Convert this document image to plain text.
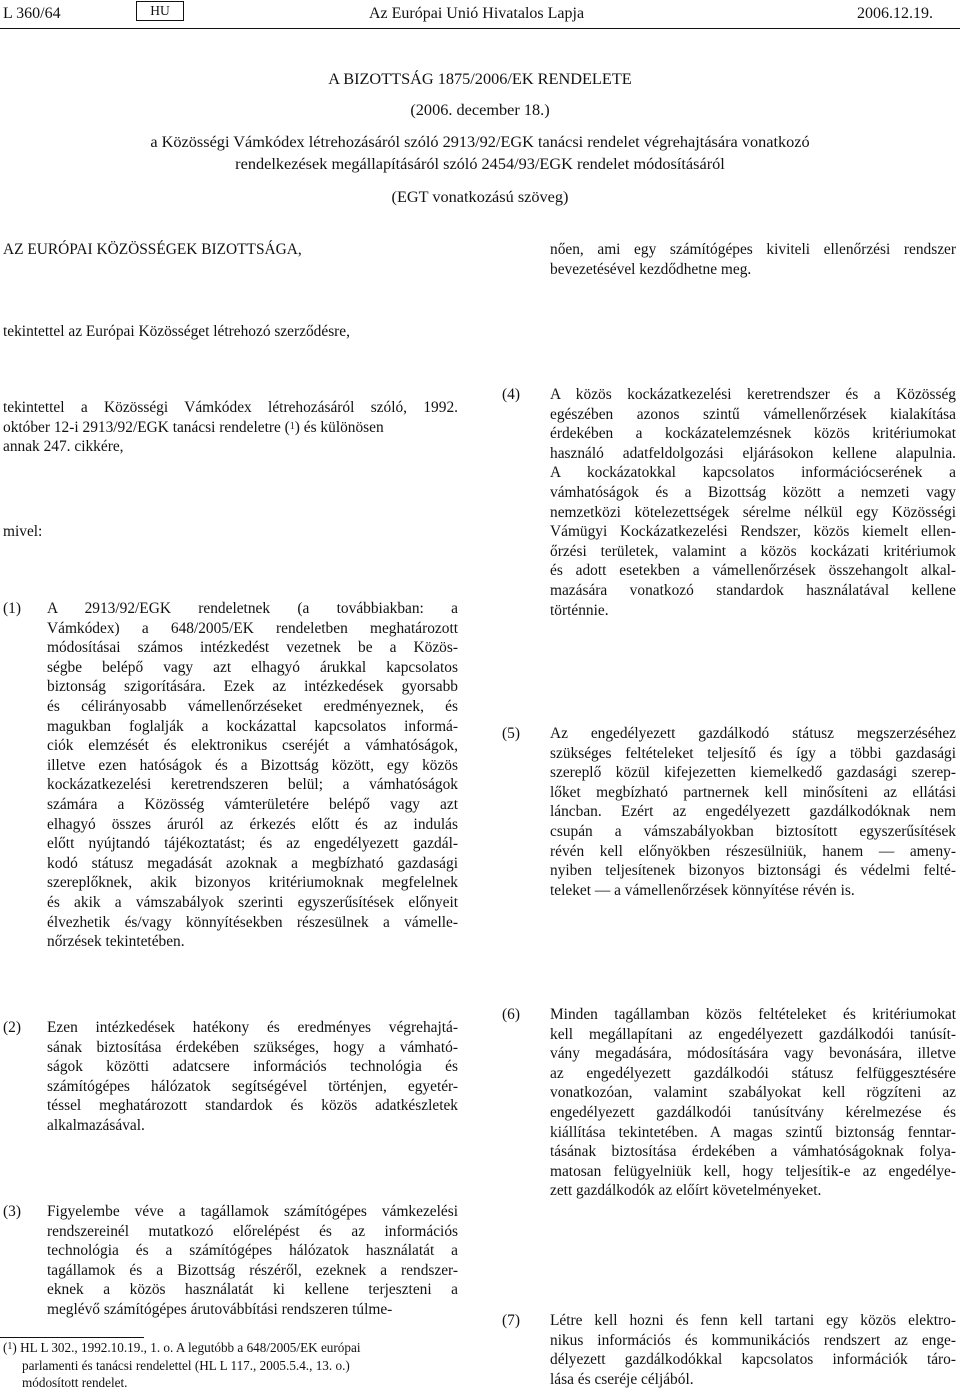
L 360/64	HU	Az Európai Unió Hivatalos Lapja	2006.12.19.
A BIZOTTSÁG 1875/2006/EK RENDELETE
(2006. december 18.)
a Közösségi Vámkódex létrehozásáról szóló 2913/92/EGK tanácsi rendelet végrehajtására vonatkozó
rendelkezések megállapításáról szóló 2454/93/EGK rendelet módosításáról
(EGT vonatkozású szöveg)
AZ EURÓPAI KÖZÖSSÉGEK BIZOTTSÁGA,
tekintettel az Európai Közösséget létrehozó szerződésre,
tekintettel a Közösségi Vámkódex létrehozásáról szóló, 1992.
október 12-i 2913/92/EGK tanácsi rendeletre ($^1$) és különösen
annak 247. cikkére,
mivel:
(1)	A 2913/92/EGK rendeletnek (a továbbiakban: a
Vámkódex) a 648/2005/EK rendeletben meghatározott
módosításai számos intézkedést vezetnek be a Közös-
ségbe belépő vagy azt elhagyó árukkal kapcsolatos
biztonság szigorítására. Ezek az intézkedések gyorsabb
és célirányosabb vámellenőrzéseket eredményeznek, és
magukban foglalják a kockázattal kapcsolatos informá-
ciók elemzését és elektronikus cseréjét a vámhatóságok,
illetve ezen hatóságok és a Bizottság között, egy közös
kockázatkezelési keretrendszeren belül; a vámhatóságok
számára a Közösség vámterületére belépő vagy azt
elhagyó összes áruról az érkezés előtt és az indulás
előtt nyújtandó tájékoztatást; és az engedélyezett gazdál-
kodó státusz megadását azoknak a megbízható gazdasági
szereplőknek, akik bizonyos kritériumoknak megfelelnek
és akik a vámszabályok szerinti egyszerűsítések előnyeit
élvezhetik és/vagy könnyítésekben részesülnek a vámelle-
nőrzések tekintetében.
(2)	Ezen intézkedések hatékony és eredményes végrehajtá-
sának biztosítása érdekében szükséges, hogy a vámható-
ságok közötti adatcsere információs technológia és
számítógépes hálózatok segítségével történjen, egyetér-
téssel meghatározott standardok és közös adatkészletek
alkalmazásával.
(3)	Figyelembe véve a tagállamok számítógépes vámkezelési
rendszereinél mutatkozó előrelépést és az információs
technológia és a számítógépes hálózatok használatát a
tagállamok és a Bizottság részéről, ezeknek a rendszer-
eknek a közös használatát ki kellene terjeszteni a
meglévő számítógépes árutovábbítási rendszeren túlme-
nően, ami egy számítógépes kiviteli ellenőrzési rendszer
bevezetésével kezdődhetne meg.
(4)	A közös kockázatkezelési keretrendszer és a Közösség
egészében azonos szintű vámellenőrzések kialakítása
érdekében a kockázatelemzésnek közös kritériumokat
használó adatfeldolgozási eljárásokon kellene alapulnia.
A kockázatokkal kapcsolatos információcserének a
vámhatóságok és a Bizottság között a nemzeti vagy
nemzetközi kötelezettségek sérelme nélkül egy Közösségi
Vámügyi Kockázatkezelési Rendszer, közös kiemelt ellen-
őrzési területek, valamint a közös kockázati kritériumok
és adott esetekben a vámellenőrzések összehangolt alkal-
mazására vonatkozó standardok használatával kellene
történnie.
(5)	Az engedélyezett gazdálkodó státusz megszerzéséhez
szükséges feltételeket teljesítő és így a többi gazdasági
szereplő közül kifejezetten kiemelkedő gazdasági szerep-
lőket megbízható partnernek kell minősíteni az ellátási
láncban. Ezért az engedélyezett gazdálkodóknak nem
csupán a vámszabályokban biztosított egyszerűsítések
révén kell előnyökben részesülniük, hanem — ameny-
nyiben teljesítenek bizonyos biztonsági és védelmi felté-
teleket — a vámellenőrzések könnyítése révén is.
(6)	Minden tagállamban közös feltételeket és kritériumokat
kell megállapítani az engedélyezett gazdálkodói tanúsít-
vány megadására, módosítására vagy bevonására, illetve
az engedélyezett gazdálkodói státusz felfüggesztésére
vonatkozóan, valamint szabályokat kell rögzíteni az
engedélyezett gazdálkodói tanúsítvány kérelmezése és
kiállítása tekintetében. A magas szintű biztonság fenntar-
tásának biztosítása érdekében a vámhatóságoknak folya-
matosan felügyelniük kell, hogy teljesítik-e az engedélye-
zett gazdálkodók az előírt követelményeket.
(7)	Létre kell hozni és fenn kell tartani egy közös elektro-
nikus információs és kommunikációs rendszert az enge-
délyezett gazdálkodókkal kapcsolatos információk táro-
lása és cseréje céljából.
($^1$) HL L 302., 1992.10.19., 1. o. A legutóbb a 648/2005/EK európai
parlamenti és tanácsi rendelettel (HL L 117., 2005.5.4., 13. o.)
módosított rendelet.
